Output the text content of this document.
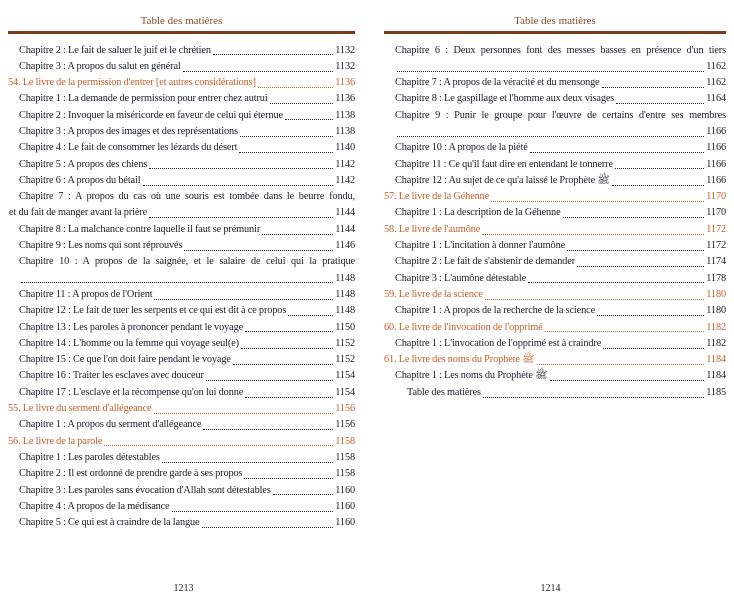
Table des matières
Chapitre 2 : Le fait de saluer le juif et le chrétien	1132
Chapitre 3 : A propos du salut en général	1132
54. Le livre de la permission d'entrer [et autres considérations]	1136
Chapitre 1 : La demande de permission pour entrer chez autrui	1136
Chapitre 2 : Invoquer la miséricorde en faveur de celui qui éternue	1138
Chapitre 3 : A propos des images et des représentations	1138
Chapitre 4 : Le fait de consommer les lézards du désert	1140
Chapitre 5 : A propos des chiens	1142
Chapitre 6 : A propos du bétail	1142
Chapitre 7 : A propos du cas où une souris est tombée dans le beurre fondu,
et du fait de manger avant la prière	1144
Chapitre 8 : La malchance contre laquelle il faut se prémunir	1144
Chapitre 9 : Les noms qui sont réprouvés	1146
Chapitre 10 : A propos de la saignée, et le salaire de celui qui la pratique
1148
Chapitre 11 : A propos de l'Orient	1148
Chapitre 12 : Le fait de tuer les serpents et ce qui est dit à ce propos	1148
Chapitre 13 : Les paroles à prononcer pendant le voyage	1150
Chapitre 14 : L'homme ou la femme qui voyage seul(e)	1152
Chapitre 15 : Ce que l'on doit faire pendant le voyage	1152
Chapitre 16 : Traiter les esclaves avec douceur	1154
Chapitre 17 : L'esclave et la récompense qu'on lui donne	1154
55. Le livre du serment d'allégeance	1156
Chapitre 1 : A propos du serment d'allégeance	1156
56. Le livre de la parole	1158
Chapitre 1 : Les paroles détestables	1158
Chapitre 2 : Il est ordonné de prendre garde à ses propos	1158
Chapitre 3 : Les paroles sans évocation d'Allah sont détestables	1160
Chapitre 4 : A propos de la médisance	1160
Chapitre 5 : Ce qui est à craindre de la langue	1160
1213
Table des matières
Chapitre 6 : Deux personnes font des messes basses en présence d'un tiers
1162
Chapitre 7 : A propos de la véracité et du mensonge	1162
Chapitre 8 : Le gaspillage et l'homme aux deux visages	1164
Chapitre 9 : Punir le groupe pour l'œuvre de certains d'entre ses membres
1166
Chapitre 10 : A propos de la piété	1166
Chapitre 11 : Ce qu'il faut dire en entendant le tonnerre	1166
Chapitre 12 : Au sujet de ce qu'a laissé le Prophète ﷺ	1166
57. Le livre de la Géhenne	1170
Chapitre 1 : La description de la Géhenne	1170
58. Le livre de l'aumône	1172
Chapitre 1 : L'incitation à donner l'aumône	1172
Chapitre 2 : Le fait de s'abstenir de demander	1174
Chapitre 3 : L'aumône détestable	1178
59. Le livre de la science	1180
Chapitre 1 : A propos de la recherche de la science	1180
60. Le livre de l'invocation de l'opprimé	1182
Chapitre 1 : L'invocation de l'opprimé est à craindre	1182
61. Le livre des noms du Prophète ﷺ	1184
Chapitre 1 : Les noms du Prophète ﷺ	1184
Table des matières	1185
1214
